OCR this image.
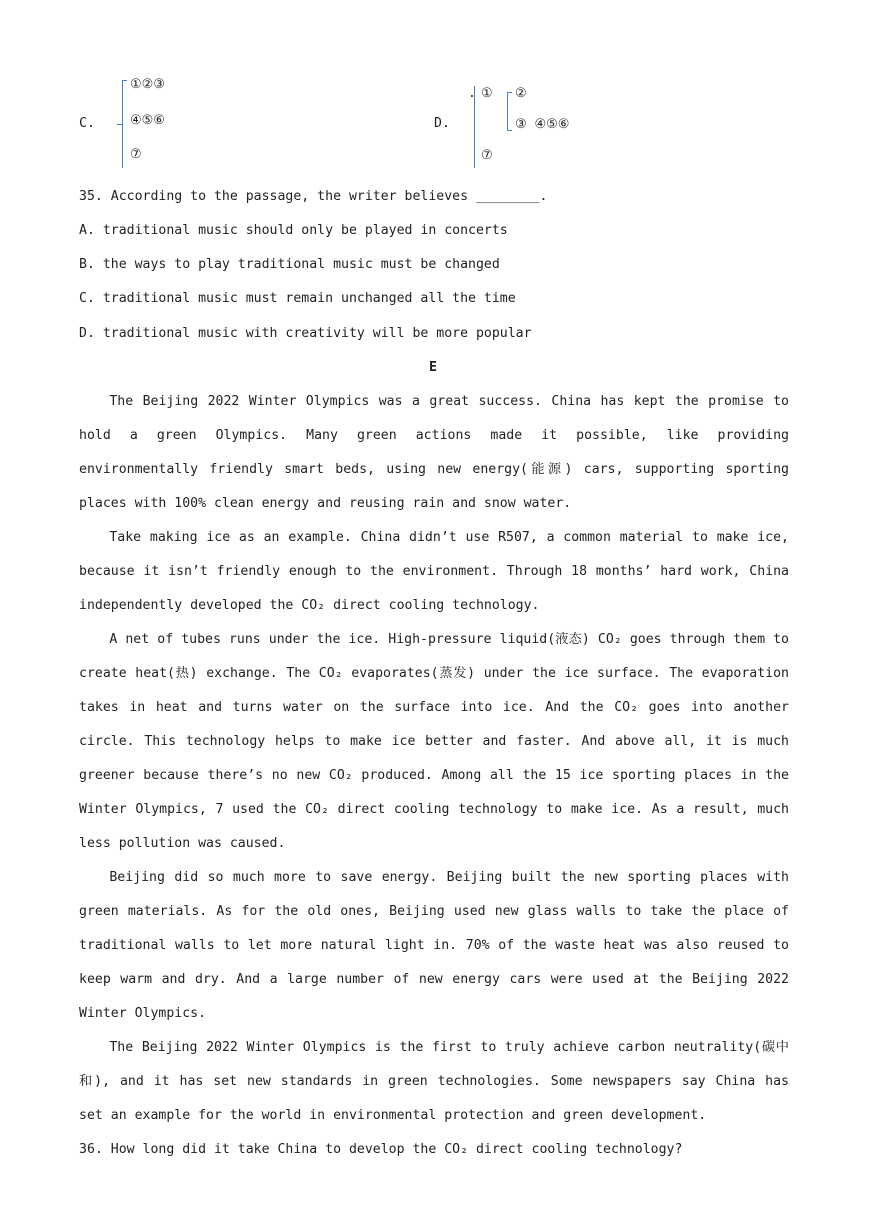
C.
①②③
④⑤⑥
⑦
D.
. ① ②
③ ④⑤⑥
⑦
35. According to the passage, the writer believes ________.
A. traditional music should only be played in concerts
B. the ways to play traditional music must be changed
C. traditional music must remain unchanged all the time
D. traditional music with creativity will be more popular
E

The Beijing 2022 Winter Olympics was a great success. China has kept the promise to hold a green Olympics. Many green actions made it possible, like providing environmentally friendly smart beds, using new energy(能源) cars, supporting sporting places with 100% clean energy and reusing rain and snow water.

Take making ice as an example. China didn’t use R507, a common material to make ice, because it isn’t friendly enough to the environment. Through 18 months’ hard work, China independently developed the CO₂ direct cooling technology.

A net of tubes runs under the ice. High-pressure liquid(液态) CO₂ goes through them to create heat(热) exchange. The CO₂ evaporates(蒸发) under the ice surface. The evaporation takes in heat and turns water on the surface into ice. And the CO₂ goes into another circle. This technology helps to make ice better and faster. And above all, it is much greener because there’s no new CO₂ produced. Among all the 15 ice sporting places in the Winter Olympics, 7 used the CO₂ direct cooling technology to make ice. As a result, much less pollution was caused.

Beijing did so much more to save energy. Beijing built the new sporting places with green materials. As for the old ones, Beijing used new glass walls to take the place of traditional walls to let more natural light in. 70% of the waste heat was also reused to keep warm and dry. And a large number of new energy cars were used at the Beijing 2022 Winter Olympics.

The Beijing 2022 Winter Olympics is the first to truly achieve carbon neutrality(碳中和), and it has set new standards in green technologies. Some newspapers say China has set an example for the world in environmental protection and green development.

36. How long did it take China to develop the CO₂ direct cooling technology?
